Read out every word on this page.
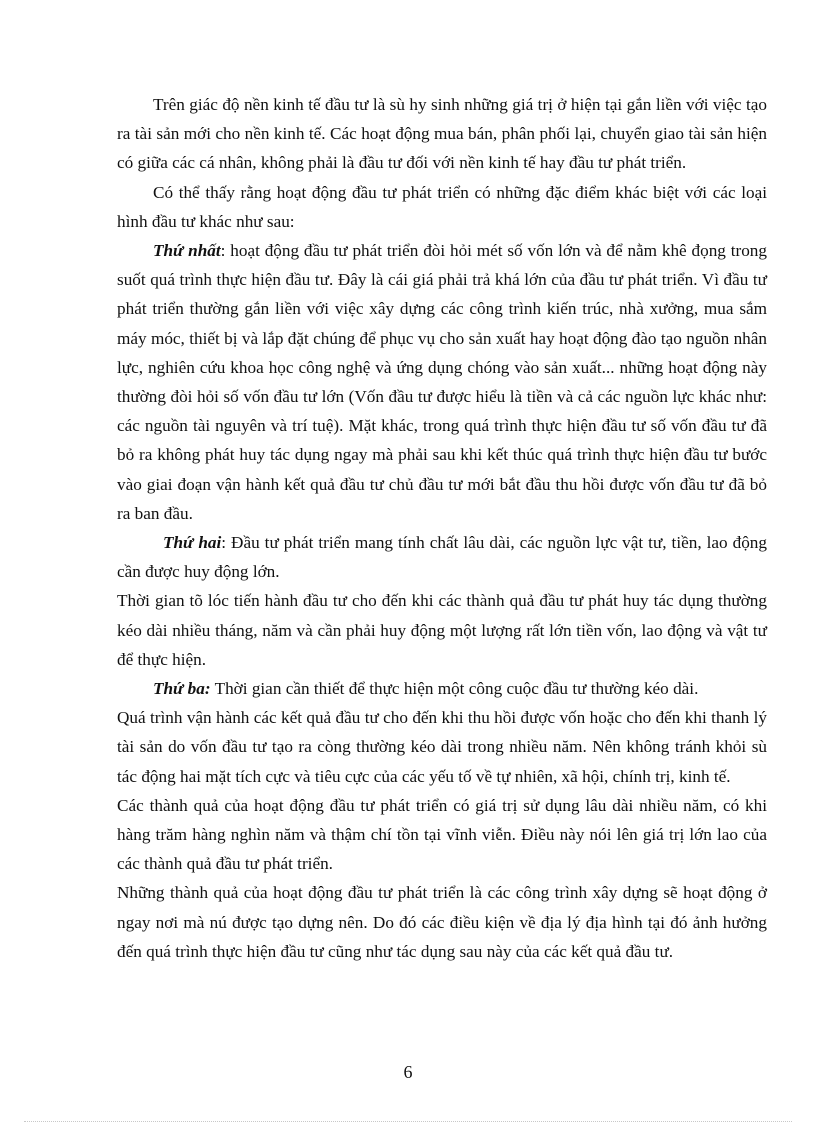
Trên giác độ nền kinh tế đầu tư là sù hy sinh những giá trị ở hiện tại gắn liền với việc tạo ra tài sản mới cho nền kinh tế. Các hoạt động mua bán, phân phối lại, chuyển giao tài sản hiện có giữa các cá nhân, không phải là đầu tư đối với nền kinh tế hay đầu tư phát triển.

Có thể thấy rằng hoạt động đầu tư phát triển có những đặc điểm khác biệt với các loại hình đầu tư khác như sau:

Thứ nhất: hoạt động đầu tư phát triển đòi hỏi mét số vốn lớn và để nằm khê đọng trong suốt quá trình thực hiện đầu tư. Đây là cái giá phải trả khá lớn của đầu tư phát triển. Vì đầu tư phát triển thường gắn liền với việc xây dựng các công trình kiến trúc, nhà xưởng, mua sắm máy móc, thiết bị và lắp đặt chúng để phục vụ cho sản xuất hay hoạt động đào tạo nguồn nhân lực, nghiên cứu khoa học công nghệ và ứng dụng chóng vào sản xuất... những hoạt động này thường đòi hỏi số vốn đầu tư lớn (Vốn đầu tư được hiểu là tiền và cả các nguồn lực khác như: các nguồn tài nguyên và trí tuệ). Mặt khác, trong quá trình thực hiện đầu tư số vốn đầu tư đã bỏ ra không phát huy tác dụng ngay mà phải sau khi kết thúc quá trình thực hiện đầu tư bước vào giai đoạn vận hành kết quả đầu tư chủ đầu tư mới bắt đầu thu hồi được vốn đầu tư đã bỏ ra ban đầu.

Thứ hai: Đầu tư phát triển mang tính chất lâu dài, các nguồn lực vật tư, tiền, lao động cần được huy động lớn.

Thời gian tõ lóc tiến hành đầu tư cho đến khi các thành quả đầu tư phát huy tác dụng thường kéo dài nhiều tháng, năm và cần phải huy động một lượng rất lớn tiền vốn, lao động và vật tư để thực hiện.

Thứ ba: Thời gian cần thiết để thực hiện một công cuộc đầu tư thường kéo dài.

Quá trình vận hành các kết quả đầu tư cho đến khi thu hồi được vốn hoặc cho đến khi thanh lý tài sản do vốn đầu tư tạo ra còng thường kéo dài trong nhiều năm. Nên không tránh khỏi sù tác động hai mặt tích cực và tiêu cực của các yếu tố về tự nhiên, xã hội, chính trị, kinh tế.

Các thành quả của hoạt động đầu tư phát triển có giá trị sử dụng lâu dài nhiều năm, có khi hàng trăm hàng nghìn năm và thậm chí tồn tại vĩnh viễn. Điều này nói lên giá trị lớn lao của các thành quả đầu tư phát triển.

Những thành quả của hoạt động đầu tư phát triển là các công trình xây dựng sẽ hoạt động ở ngay nơi mà nú được tạo dựng nên. Do đó các điều kiện về địa lý địa hình tại đó ảnh hưởng đến quá trình thực hiện đầu tư cũng như tác dụng sau này của các kết quả đầu tư.

6
